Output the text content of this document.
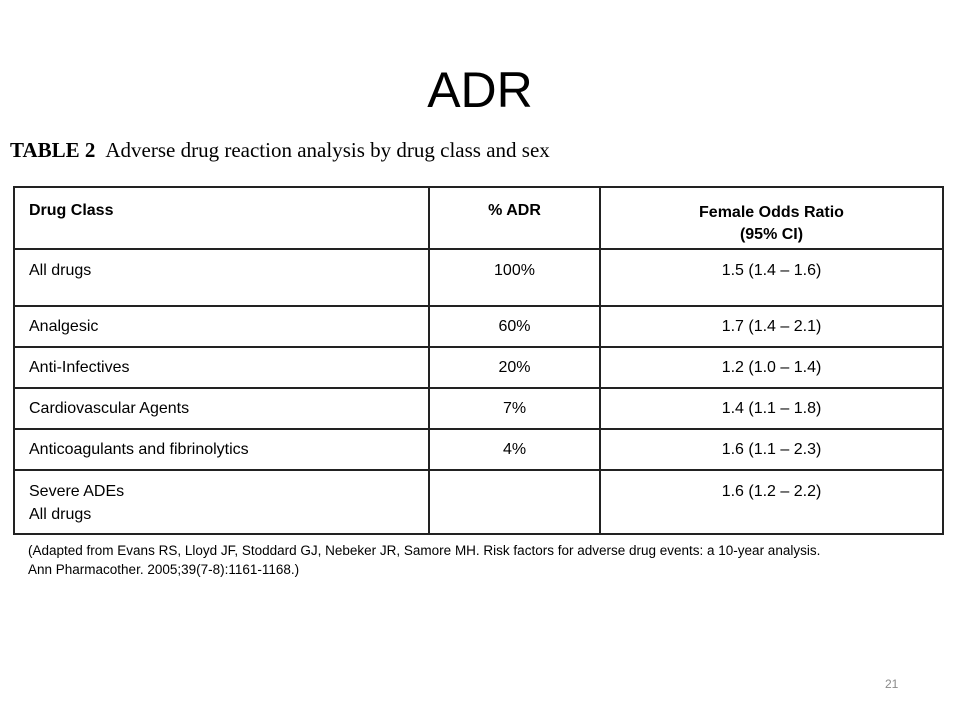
ADR
TABLE 2 Adverse drug reaction analysis by drug class and sex
Drug Class	% ADR	Female Odds Ratio
(95% CI)

All drugs	100%	1.5 (1.4 – 1.6)
Analgesic	60%	1.7 (1.4 – 2.1)
Anti-Infectives	20%	1.2 (1.0 – 1.4)
Cardiovascular Agents	7%	1.4 (1.1 – 1.8)
Anticoagulants and fibrinolytics	4%	1.6 (1.1 – 2.3)

Severe ADEs
All drugs		1.6 (1.2 – 2.2)
(Adapted from Evans RS, Lloyd JF, Stoddard GJ, Nebeker JR, Samore MH. Risk factors for adverse drug events: a 10-year analysis.
Ann Pharmacother. 2005;39(7-8):1161-1168.)
21
